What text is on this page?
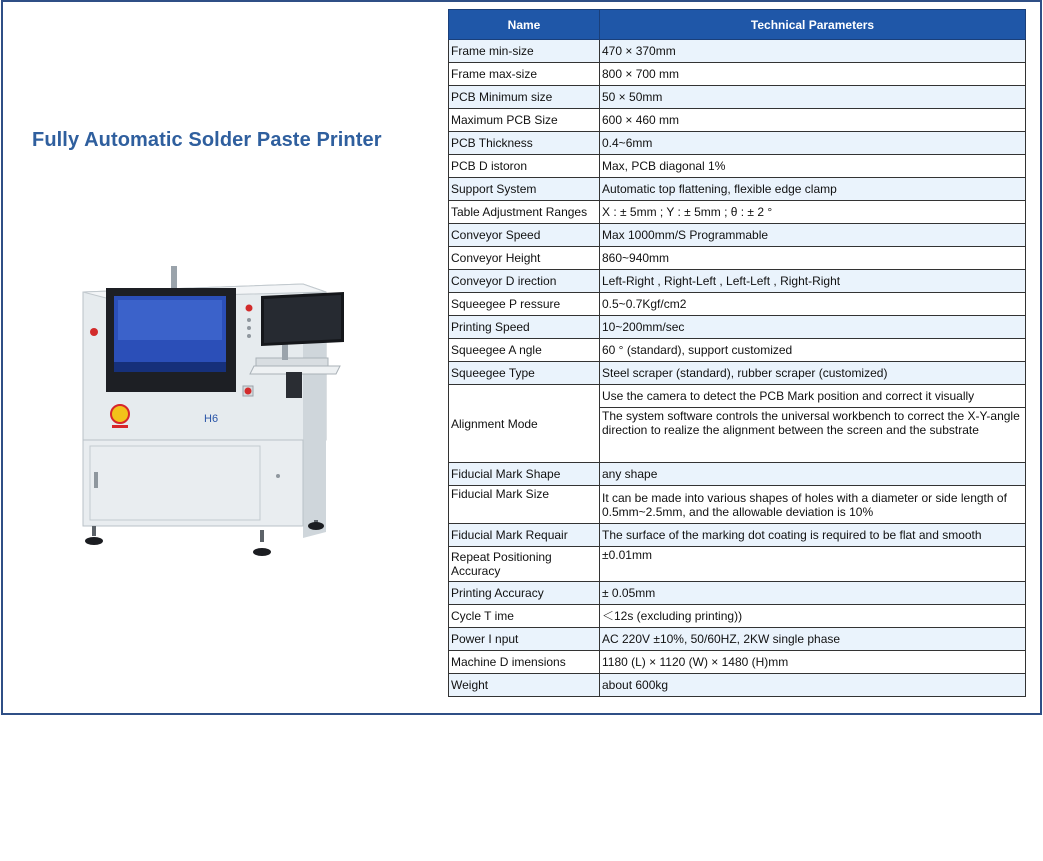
Fully Automatic Solder Paste Printer
H6
Name	Technical Parameters
Frame min-size	470 × 370mm
Frame max-size	800 × 700 mm
PCB Minimum size	50 × 50mm
Maximum PCB Size	600 × 460 mm
PCB Thickness	0.4~6mm
PCB D istoron	Max, PCB diagonal 1%
Support System	Automatic top flattening, flexible edge clamp
Table Adjustment Ranges	X : ± 5mm ; Y : ± 5mm ; θ : ± 2 °
Conveyor Speed	Max 1000mm/S Programmable
Conveyor Height	860~940mm
Conveyor D irection	Left-Right , Right-Left , Left-Left , Right-Right
Squeegee P ressure	0.5~0.7Kgf/cm2
Printing Speed	10~200mm/sec
Squeegee A ngle	60 ° (standard), support customized
Squeegee Type	Steel scraper (standard), rubber scraper (customized)
Alignment Mode	Use the camera to detect the PCB Mark position and correct it visually
	The system software controls the universal workbench to correct the X-Y-angle direction to realize the alignment between the screen and the substrate
Fiducial Mark Shape	any shape
Fiducial Mark Size	It can be made into various shapes of holes with a diameter or side length of 0.5mm~2.5mm, and the allowable deviation is 10%
Fiducial Mark Requair	The surface of the marking dot coating is required to be flat and smooth
Repeat Positioning Accuracy	±0.01mm
Printing Accuracy	± 0.05mm
Cycle T ime	＜12s (excluding printing))
Power I nput	AC 220V ±10%, 50/60HZ, 2KW single phase
Machine D imensions	1180 (L) × 1120 (W) × 1480 (H)mm
Weight	about 600kg
